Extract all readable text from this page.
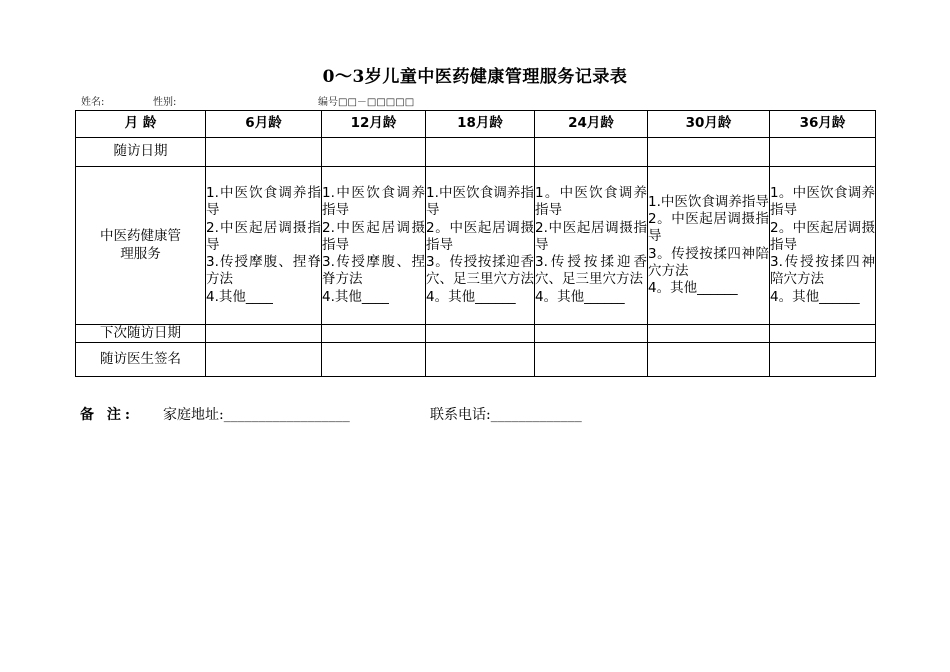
0～3岁儿童中医药健康管理服务记录表
姓名:	性别:	编号□□－□□□□□
月 龄	6月龄	12月龄	18月龄	24月龄	30月龄	36月龄
随访日期						
中医药健康管理服务	1.中医饮食调养指导
2.中医起居调摄指导
3.传授摩腹、捏脊方法
4.其他____	1.中医饮食调养指导
2.中医起居调摄指导
3.传授摩腹、捏脊方法
4.其他____	1.中医饮食调养指导
2。中医起居调摄指导
3。传授按揉迎香穴、足三里穴方法
4。其他______	1。中医饮食调养指导
2.中医起居调摄指导
3.传授按揉迎香穴、足三里穴方法
4。其他______	1.中医饮食调养指导
2。中医起居调摄指导
3。传授按揉四神陪穴方法
4。其他______	1。中医饮食调养指导
2。中医起居调摄指导
3.传授按揉四神陪穴方法
4。其他______

下次随访日期						
随访医生签名						
备 注: 家庭地址:__________________	联系电话:_____________
